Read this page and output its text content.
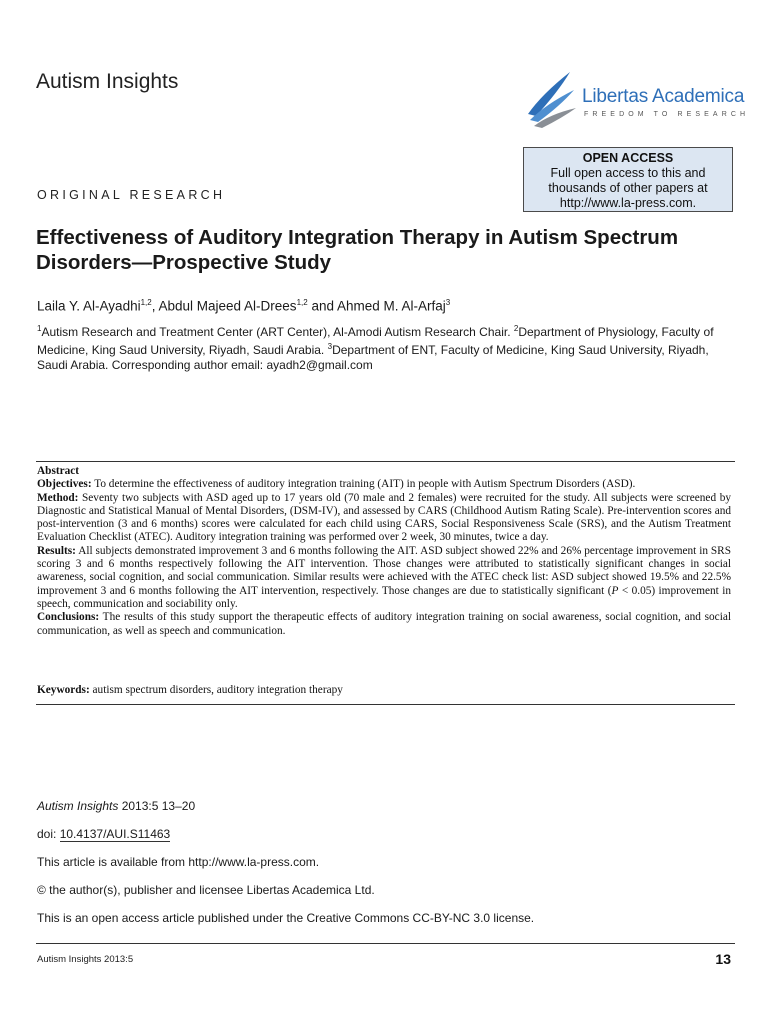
Autism Insights
Libertas Academica
FREEDOM TO RESEARCH
OPEN ACCESS
Full open access to this and
thousands of other papers at
http://www.la-press.com.
ORIGINAL RESEARCH
Effectiveness of Auditory Integration Therapy in Autism Spectrum Disorders—Prospective Study
Laila Y. Al-Ayadhi$^{1,2}$, Abdul Majeed Al-Drees$^{1,2}$ and Ahmed M. Al-Arfaj$^3$
$^1$Autism Research and Treatment Center (ART Center), Al-Amodi Autism Research Chair. $^2$Department of Physiology, Faculty of Medicine, King Saud University, Riyadh, Saudi Arabia. $^3$Department of ENT, Faculty of Medicine, King Saud University, Riyadh, Saudi Arabia. Corresponding author email: ayadh2@gmail.com

Abstract

Objectives: To determine the effectiveness of auditory integration training (AIT) in people with Autism Spectrum Disorders (ASD).

Method: Seventy two subjects with ASD aged up to 17 years old (70 male and 2 females) were recruited for the study. All subjects were screened by Diagnostic and Statistical Manual of Mental Disorders, (DSM-IV), and assessed by CARS (Childhood Autism Rating Scale). Pre-intervention scores and post-intervention (3 and 6 months) scores were calculated for each child using CARS, Social Responsiveness Scale (SRS), and the Autism Treatment Evaluation Checklist (ATEC). Auditory integration training was performed over 2 week, 30 minutes, twice a day.

Results: All subjects demonstrated improvement 3 and 6 months following the AIT. ASD subject showed 22% and 26% percentage improvement in SRS scoring 3 and 6 months respectively following the AIT intervention. Those changes were attributed to statistically significant changes in social awareness, social cognition, and social communication. Similar results were achieved with the ATEC check list: ASD subject showed 19.5% and 22.5% improvement 3 and 6 months following the AIT intervention, respectively. Those changes are due to statistically significant (P < 0.05) improvement in speech, communication and sociability only.

Conclusions: The results of this study support the therapeutic effects of auditory integration training on social awareness, social cognition, and social communication, as well as speech and communication.

Keywords: autism spectrum disorders, auditory integration therapy
Autism Insights 2013:5 13–20
doi: 10.4137/AUI.S11463
This article is available from http://www.la-press.com.
© the author(s), publisher and licensee Libertas Academica Ltd.
This is an open access article published under the Creative Commons CC-BY-NC 3.0 license.
Autism Insights 2013:5	13
